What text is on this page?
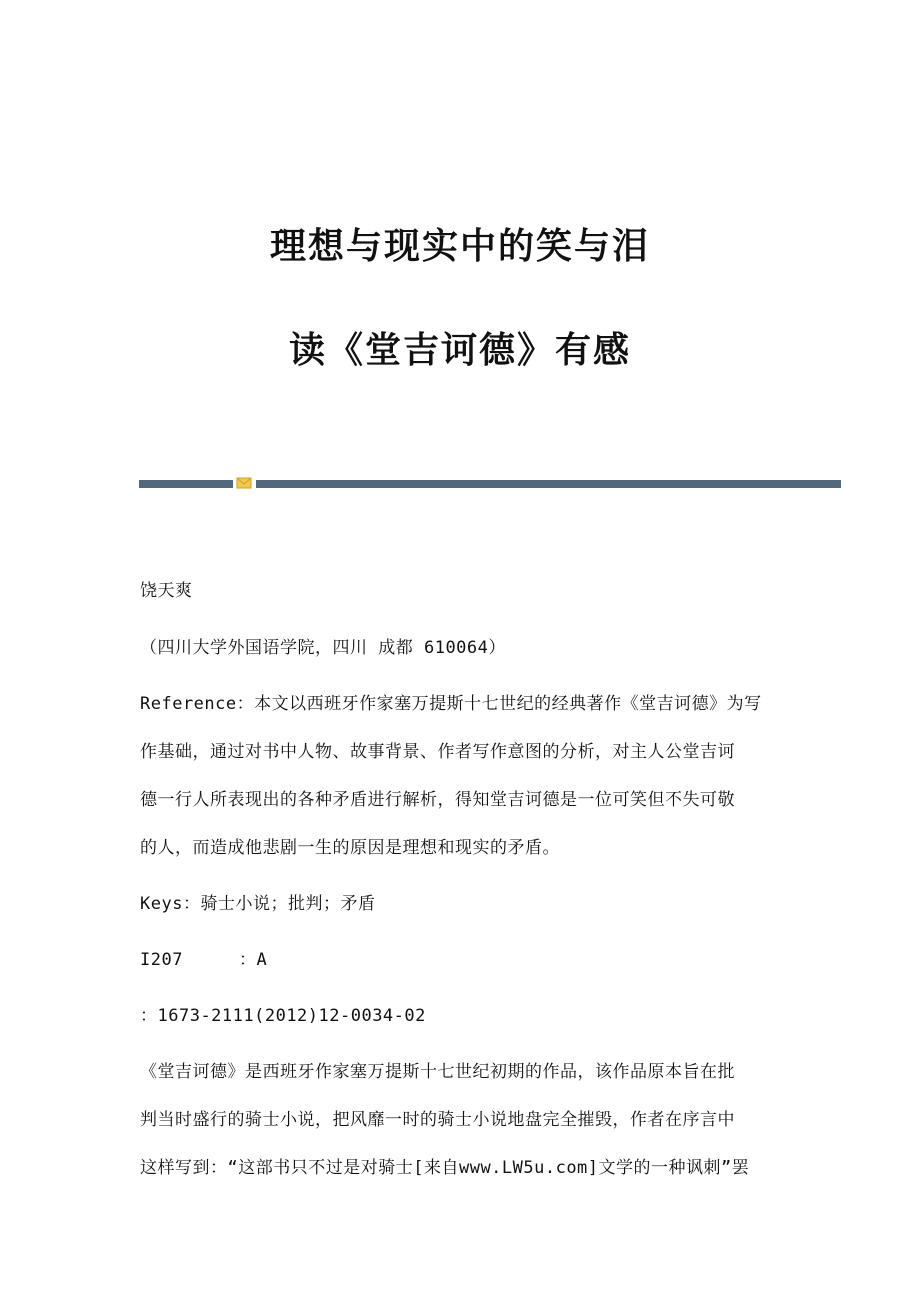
理想与现实中的笑与泪
读《堂吉诃德》有感
饶天爽
（四川大学外国语学院，四川 成都 610064）
Reference：本文以西班牙作家塞万提斯十七世纪的经典著作《堂吉诃德》为写
作基础，通过对书中人物、故事背景、作者写作意图的分析，对主人公堂吉诃
德一行人所表现出的各种矛盾进行解析，得知堂吉诃德是一位可笑但不失可敬
的人，而造成他悲剧一生的原因是理想和现实的矛盾。
Keys：骑士小说；批判；矛盾
I207	：A
：1673-2111(2012)12-0034-02
《堂吉诃德》是西班牙作家塞万提斯十七世纪初期的作品，该作品原本旨在批
判当时盛行的骑士小说，把风靡一时的骑士小说地盘完全摧毁，作者在序言中
这样写到：“这部书只不过是对骑士[来自www.LW5u.com]文学的一种讽刺”罢
